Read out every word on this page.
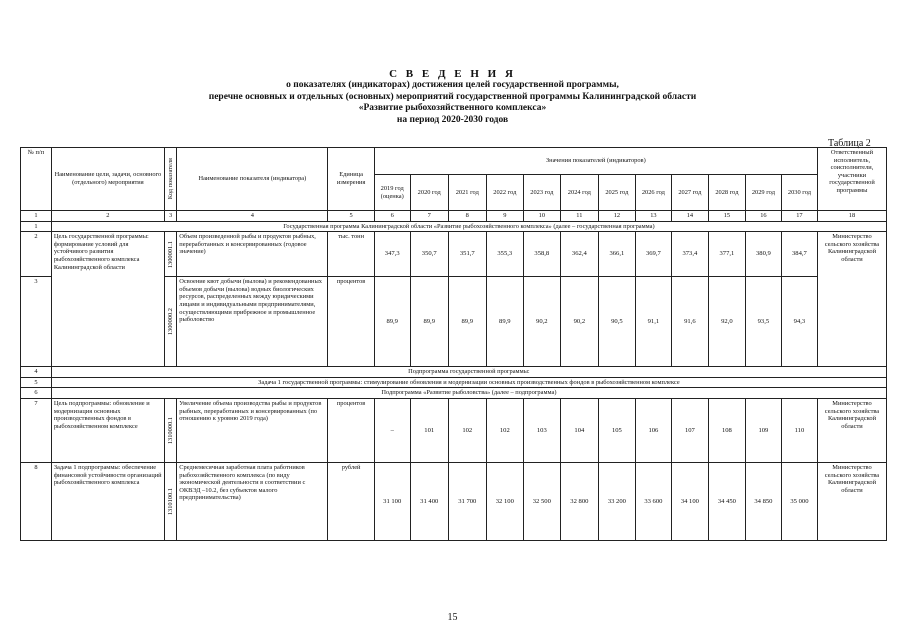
С В Е Д Е Н И Я
о показателях (индикаторах) достижения целей государственной программы,
перечне основных и отдельных (основных) мероприятий государственной программы Калининградской области
«Развитие рыбохозяйственного комплекса»
на период 2020-2030 годов
Таблица 2
№ п/п	Наименование цели, задачи, основного (отдельного) мероприятия	Код показателя	Наименование показателя (индикатора)	Единица измерения	Значения показателей (индикаторов)												Ответственный исполнитель, соисполнители, участники государственной программы
					2019 год (оценка)	2020 год	2021 год	2022 год	2023 год	2024 год	2025 год	2026 год	2027 год	2028 год	2029 год	2030 год	
1	2	3	4	5	6	7	8	9	10	11	12	13	14	15	16	17	18
1	Государственная программа Калининградской области «Развитие рыбохозяйственного комплекса» (далее – государственная программа)																
2	Цель государственной программы: формирование условий для устойчивого развития рыбохозяйственного комплекса Калининградской области	1300001.1	Объем произведенной рыбы и продуктов рыбных, переработанных и консервированных (годовое значение)	тыс. тонн	347,3	350,7	351,7	355,3	358,8	362,4	366,1	369,7	373,4	377,1	380,9	384,7	Министерство сельского хозяйства Калининградской области
3		1300000.2	Освоение квот добычи (вылова) и рекомендованных объемов добычи (вылова) водных биологических ресурсов, распределенных между юридическими лицами и индивидуальными предпринимателями, осуществляющими прибрежное и промышленное рыболовство	процентов	89,9	89,9	89,9	89,9	90,2	90,2	90,5	91,1	91,6	92,0	93,5	94,3	
4	Подпрограмма государственной программы:																
5	Задача 1 государственной программы: стимулирование обновления и модернизации основных производственных фондов в рыбохозяйственном комплексе																
6	Подпрограмма «Развитие рыболовства» (далее – подпрограмма)																
7	Цель подпрограммы: обновление и модернизация основных производственных фондов в рыбохозяйственном комплексе	1310000.1	Увеличение объема производства рыбы и продуктов рыбных, переработанных и консервированных (по отношению к уровню 2019 года)	процентов	–	101	102	102	103	104	105	106	107	108	109	110	Министерство сельского хозяйства Калининградской области
8	Задача 1 подпрограммы: обеспечение финансовой устойчивости организаций рыбохозяйственного комплекса	1310100.1	Среднемесячная заработная плата работников рыбохозяйственного комплекса (по виду экономической деятельности в соответствии с ОКВЭД –10.2, без субъектов малого предпринимательства)	рублей	31 100	31 400	31 700	32 100	32 500	32 800	33 200	33 600	34 100	34 450	34 850	35 000	Министерство сельского хозяйства Калининградской области
15
